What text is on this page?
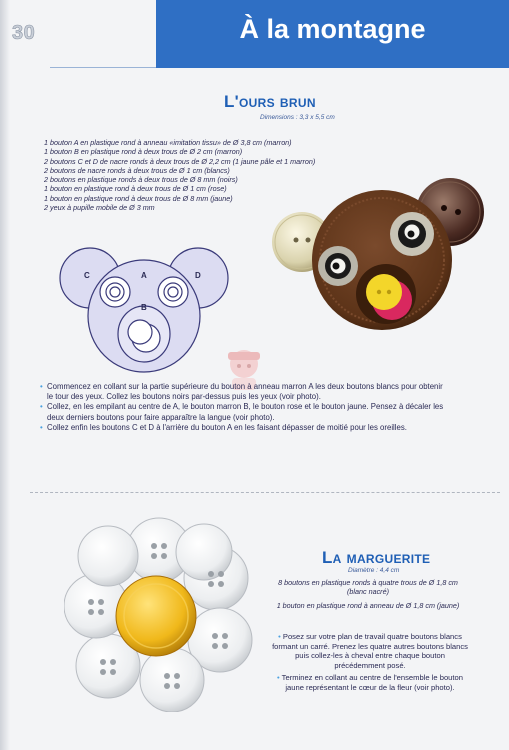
30	À la montagne
L'ours brun
Dimensions : 3,3 x 5,5 cm
1 bouton A en plastique rond à anneau «imitation tissu» de Ø 3,8 cm (marron)
1 bouton B en plastique rond à deux trous de Ø 2 cm (marron)
2 boutons C et D de nacre ronds à deux trous de Ø 2,2 cm (1 jaune pâle et 1 marron)
2 boutons de nacre ronds à deux trous de Ø 1 cm (blancs)
2 boutons en plastique ronds à deux trous de Ø 8 mm (noirs)
1 bouton en plastique rond à deux trous de Ø 1 cm (rose)
1 bouton en plastique rond à deux trous de Ø 8 mm (jaune)
2 yeux à pupille mobile de Ø 3 mm
C	A	D
B
• Commencez en collant sur la partie supérieure du bouton à anneau marron A les deux boutons blancs pour obtenir le tour des yeux. Collez les boutons noirs par-dessus puis les yeux (voir photo).
• Collez, en les empilant au centre de A, le bouton marron B, le bouton rose et le bouton jaune. Pensez à décaler les deux derniers boutons pour faire apparaître la langue (voir photo).
• Collez enfin les boutons C et D à l'arrière du bouton A en les faisant dépasser de moitié pour les oreilles.
La marguerite
Diamètre : 4,4 cm
8 boutons en plastique ronds à quatre trous de Ø 1,8 cm (blanc nacré)
1 bouton en plastique rond à anneau de Ø 1,8 cm (jaune)
• Posez sur votre plan de travail quatre boutons blancs formant un carré. Prenez les quatre autres boutons blancs puis collez-les à cheval entre chaque bouton précédemment posé.
• Terminez en collant au centre de l'ensemble le bouton jaune représentant le cœur de la fleur (voir photo).
